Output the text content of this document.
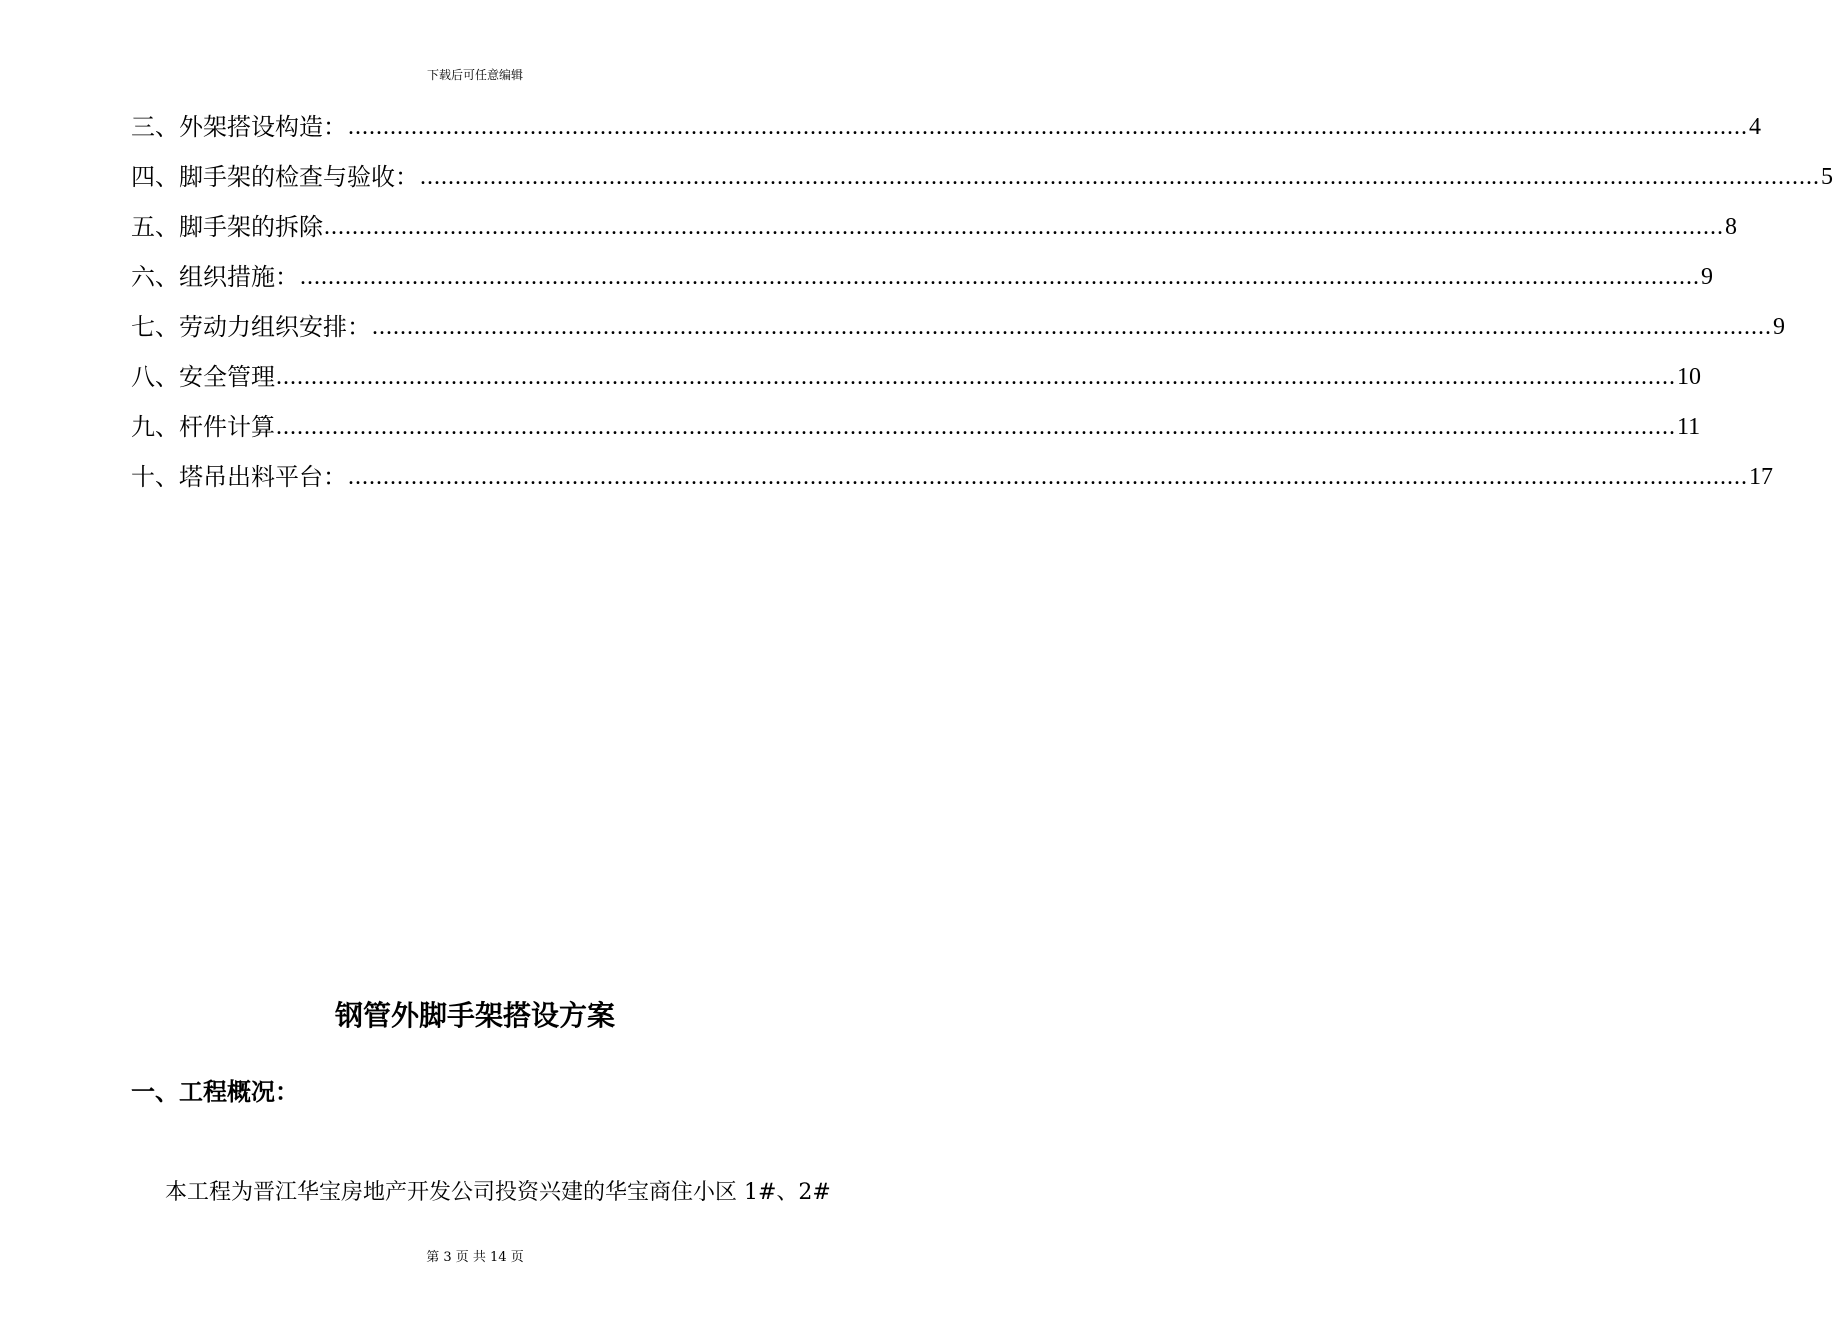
下载后可任意编辑
三、外架搭设构造： ........................................................................................................................................................................................................ 4
四、脚手架的检查与验收： ........................................................................................................................................................................................................ 5
五、脚手架的拆除 ........................................................................................................................................................................................................ 8
六、组织措施： ........................................................................................................................................................................................................ 9
七、劳动力组织安排： ........................................................................................................................................................................................................ 9
八、安全管理 ........................................................................................................................................................................................................ 10
九、杆件计算 ........................................................................................................................................................................................................ 11
十、塔吊出料平台： ........................................................................................................................................................................................................ 17
钢管外脚手架搭设方案
一、工程概况：
本工程为晋江华宝房地产开发公司投资兴建的华宝商住小区 1#、2#
第 3 页 共 14 页
